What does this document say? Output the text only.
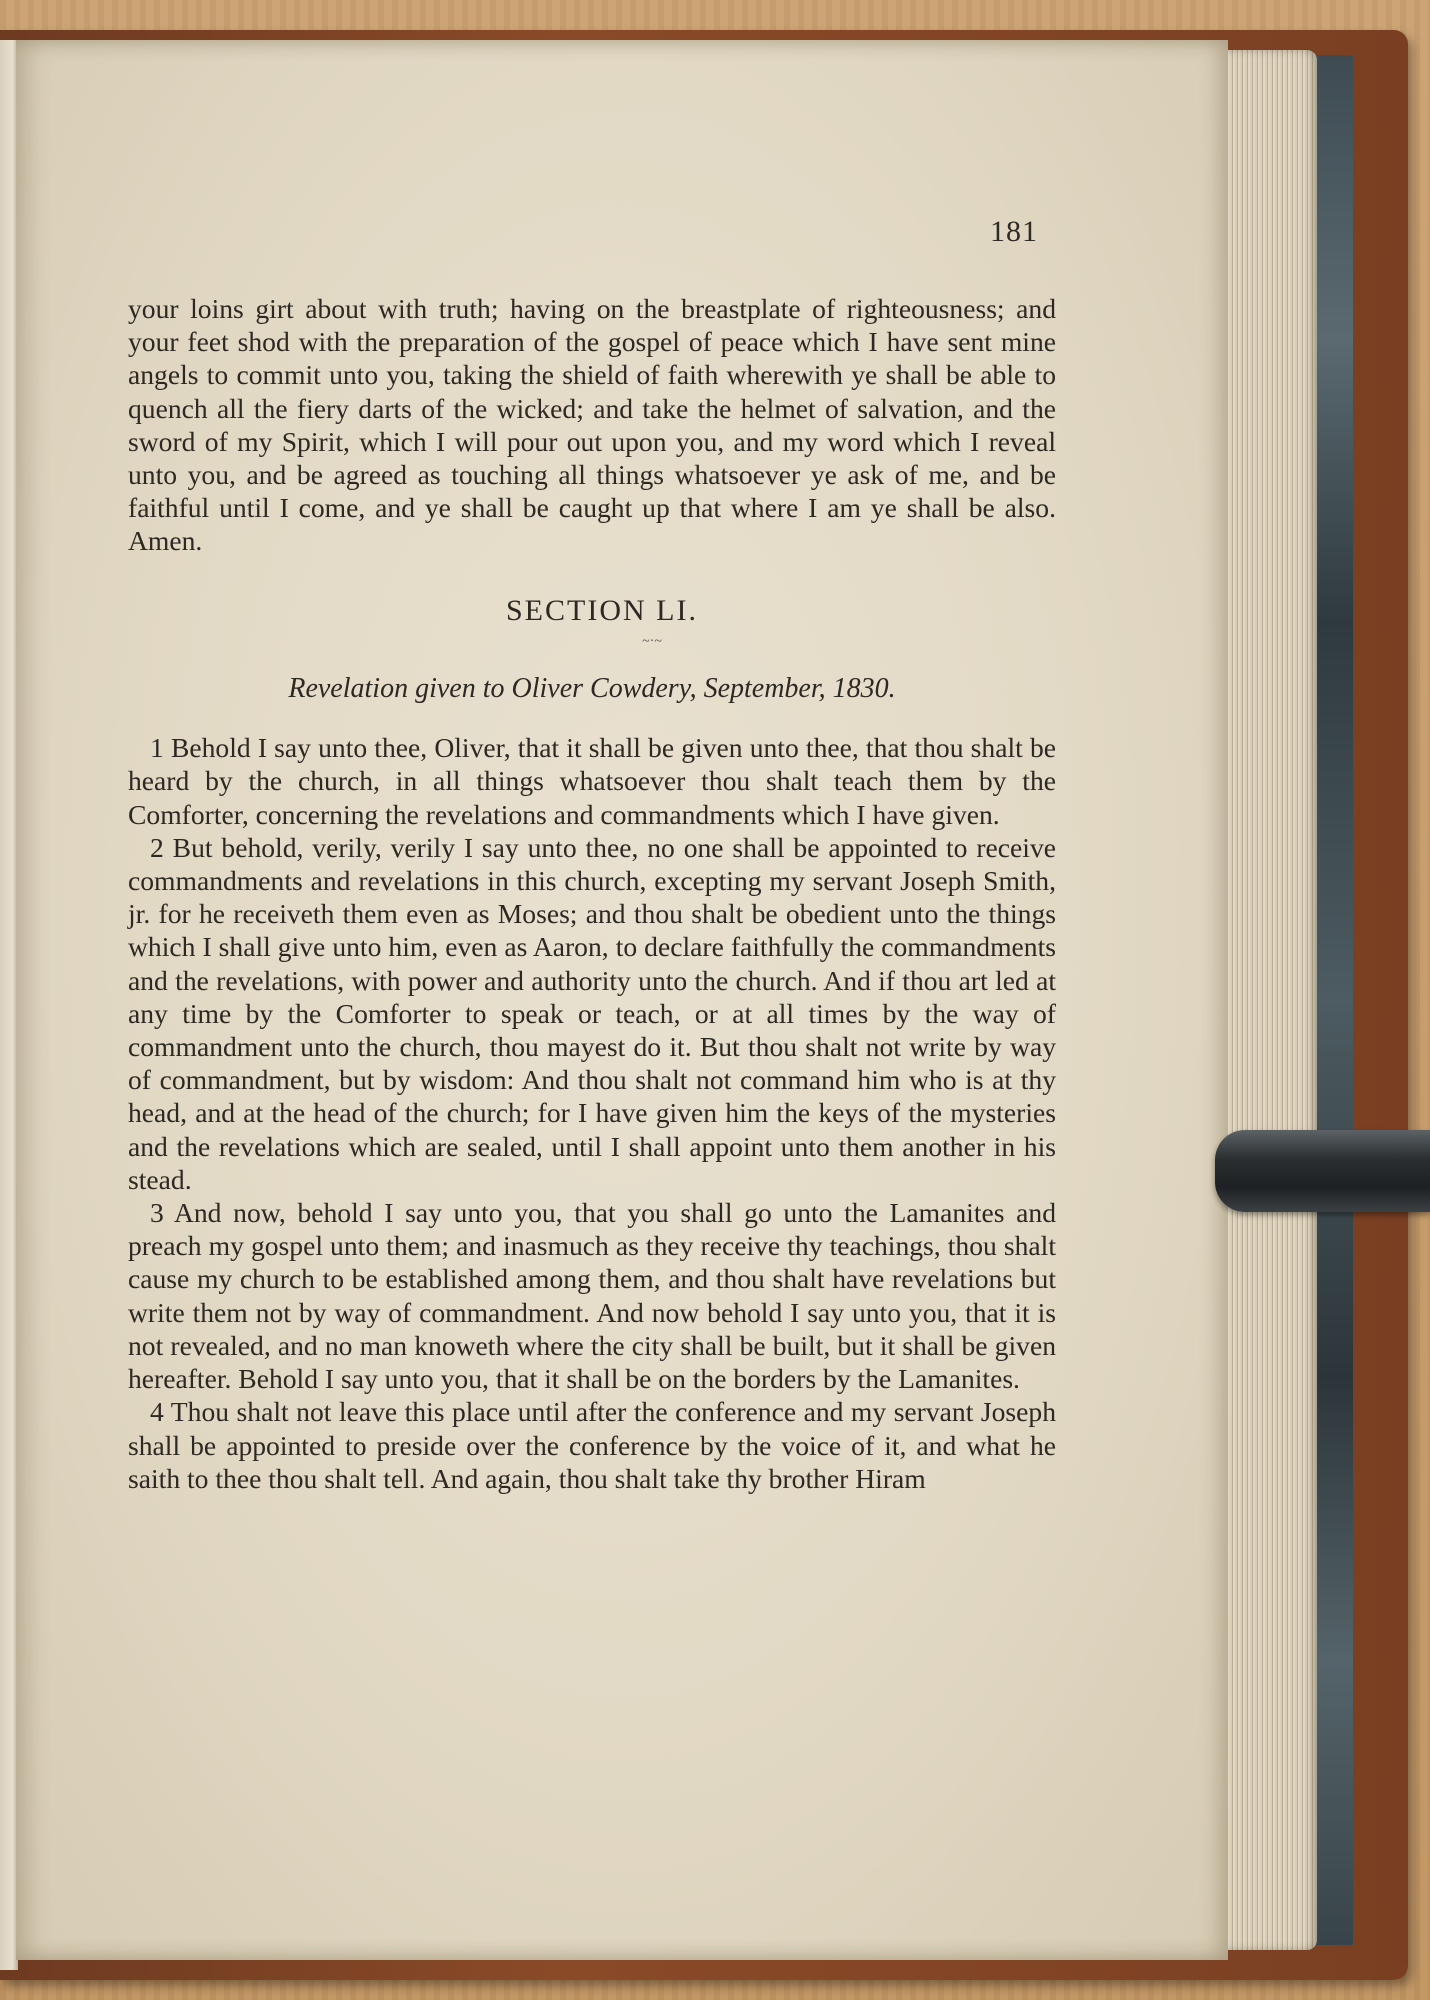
181

your loins girt about with truth; having on the breastplate of righteousness; and your feet shod with the preparation of the gospel of peace which I have sent mine angels to commit unto you, taking the shield of faith wherewith ye shall be able to quench all the fiery darts of the wicked; and take the helmet of salvation, and the sword of my Spirit, which I will pour out upon you, and my word which I reveal unto you, and be agreed as touching all things whatsoever ye ask of me, and be faithful until I come, and ye shall be caught up that where I am ye shall be also. Amen.

SECTION LI.

~·~

Revelation given to Oliver Cowdery, September, 1830.

1 Behold I say unto thee, Oliver, that it shall be given unto thee, that thou shalt be heard by the church, in all things whatsoever thou shalt teach them by the Comforter, concerning the revelations and commandments which I have given.

2 But behold, verily, verily I say unto thee, no one shall be appointed to receive commandments and revelations in this church, excepting my servant Joseph Smith, jr. for he receiveth them even as Moses; and thou shalt be obedient unto the things which I shall give unto him, even as Aaron, to declare faithfully the commandments and the revelations, with power and authority unto the church. And if thou art led at any time by the Comforter to speak or teach, or at all times by the way of commandment unto the church, thou mayest do it. But thou shalt not write by way of commandment, but by wisdom: And thou shalt not command him who is at thy head, and at the head of the church; for I have given him the keys of the mysteries and the revelations which are sealed, until I shall appoint unto them another in his stead.

3 And now, behold I say unto you, that you shall go unto the Lamanites and preach my gospel unto them; and inasmuch as they receive thy teachings, thou shalt cause my church to be established among them, and thou shalt have revelations but write them not by way of commandment. And now behold I say unto you, that it is not revealed, and no man knoweth where the city shall be built, but it shall be given hereafter. Behold I say unto you, that it shall be on the borders by the Lamanites.

4 Thou shalt not leave this place until after the conference and my servant Joseph shall be appointed to preside over the conference by the voice of it, and what he saith to thee thou shalt tell. And again, thou shalt take thy brother Hiram
